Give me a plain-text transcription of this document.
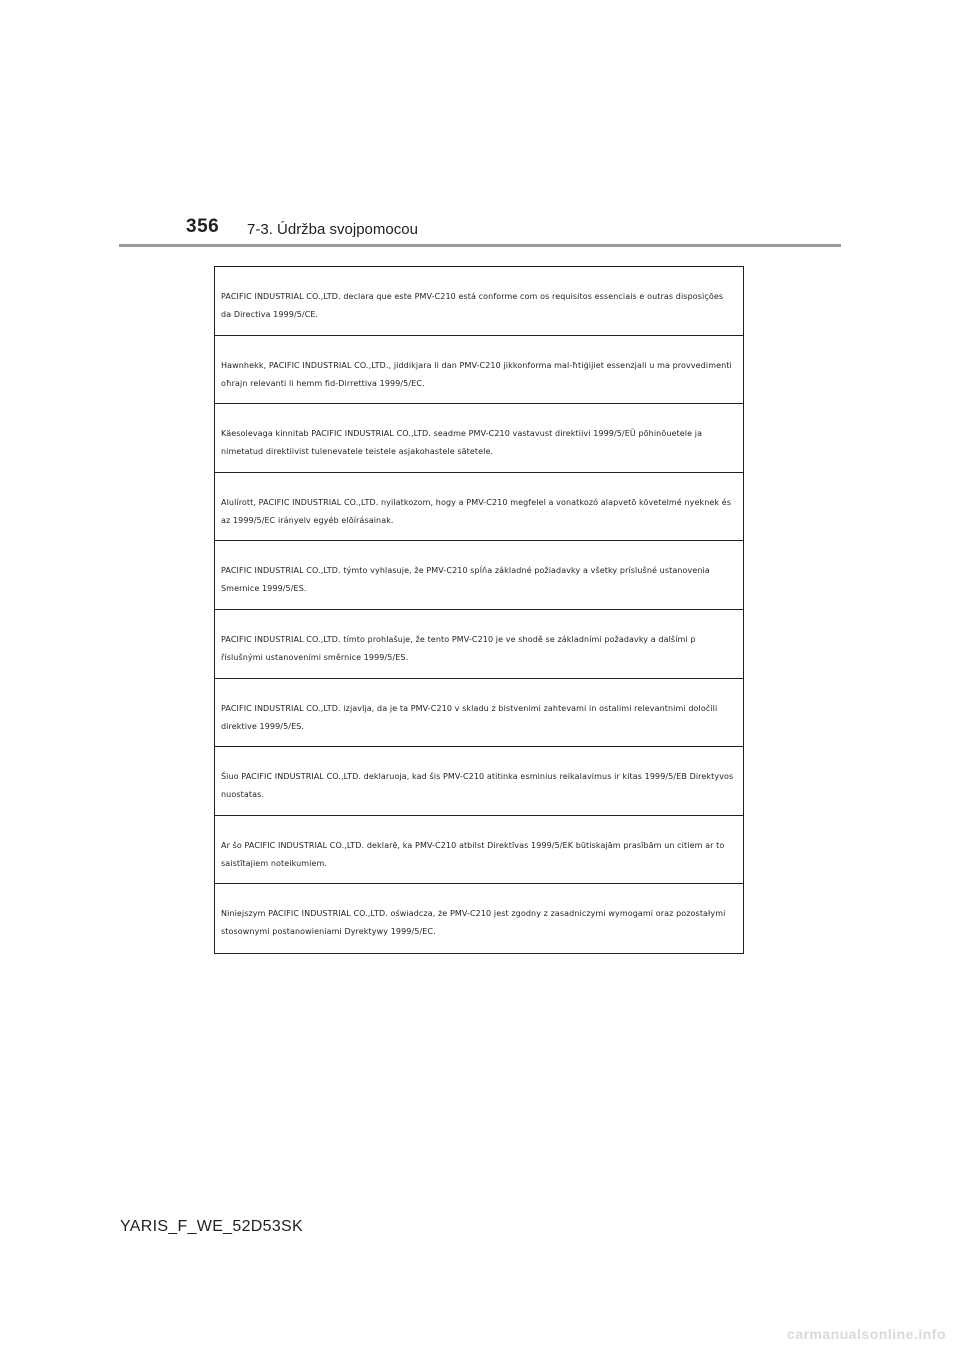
356 7-3. Údržba svojpomocou
PACIFIC INDUSTRIAL CO.,LTD. declara que este PMV-C210 está conforme com os requisitos essenciais e outras disposições da Directiva 1999/5/CE.
Hawnhekk, PACIFIC INDUSTRIAL CO.,LTD., jiddikjara li dan PMV-C210 jikkonforma mal-ħtiġijiet essenzjali u ma provvedimenti oħrajn relevanti li hemm fid-Dirrettiva 1999/5/EC.
Käesolevaga kinnitab PACIFIC INDUSTRIAL CO.,LTD. seadme PMV-C210 vastavust direktiivi 1999/5/EÜ põhinõuetele ja nimetatud direktiivist tulenevatele teistele asjakohastele sätetele.
Alulírott, PACIFIC INDUSTRIAL CO.,LTD. nyilatkozom, hogy a PMV-C210 megfelel a vonatkozó alapvetõ követelmé nyeknek és az 1999/5/EC irányelv egyéb elõírásainak.
PACIFIC INDUSTRIAL CO.,LTD. týmto vyhlasuje, že PMV-C210 spĺňa základné požiadavky a všetky príslušné ustanovenia Smernice 1999/5/ES.
PACIFIC INDUSTRIAL CO.,LTD. tímto prohlašuje, že tento PMV-C210 je ve shodě se základními požadavky a dalšími p říslušnými ustanoveními směrnice 1999/5/ES.
PACIFIC INDUSTRIAL CO.,LTD. izjavlja, da je ta PMV-C210 v skladu z bistvenimi zahtevami in ostalimi relevantnimi določili direktive 1999/5/ES.
Šiuo PACIFIC INDUSTRIAL CO.,LTD. deklaruoja, kad šis PMV-C210 atitinka esminius reikalavimus ir kitas 1999/5/EB Direktyvos nuostatas.
Ar šo PACIFIC INDUSTRIAL CO.,LTD. deklarē, ka PMV-C210 atbilst Direktīvas 1999/5/EK būtiskajām prasībām un citiem ar to saistītajiem noteikumiem.
Niniejszym PACIFIC INDUSTRIAL CO.,LTD. oświadcza, że PMV-C210 jest zgodny z zasadniczymi wymogami oraz pozostałymi stosownymi postanowieniami Dyrektywy 1999/5/EC.
YARIS_F_WE_52D53SK
carmanualsonline.info
